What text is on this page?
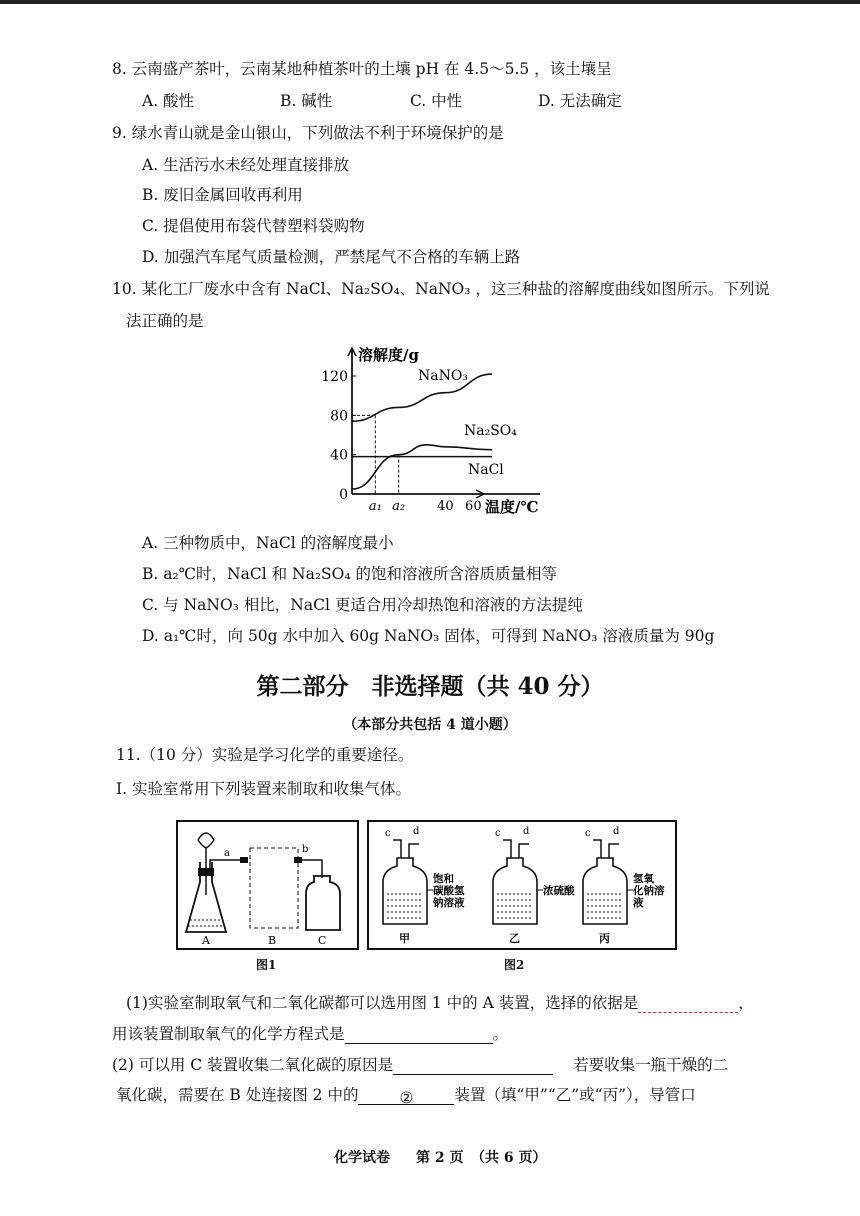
8. 云南盛产茶叶，云南某地种植茶叶的土壤 pH 在 4.5～5.5 ，该土壤呈
A. 酸性	B. 碱性	C. 中性	D. 无法确定
9. 绿水青山就是金山银山，下列做法不利于环境保护的是
A. 生活污水未经处理直接排放
B. 废旧金属回收再利用
C. 提倡使用布袋代替塑料袋购物
D. 加强汽车尾气质量检测，严禁尾气不合格的车辆上路
10. 某化工厂废水中含有 NaCl、Na₂SO₄、NaNO₃ ，这三种盐的溶解度曲线如图所示。下列说
法正确的是
溶解度/g
温度/℃
0
40
80
120
a₁ a₂ 40 60
NaNO₃
Na₂SO₄
NaCl
A. 三种物质中，NaCl 的溶解度最小
B. a₂℃时，NaCl 和 Na₂SO₄ 的饱和溶液所含溶质质量相等
C. 与 NaNO₃ 相比，NaCl 更适合用冷却热饱和溶液的方法提纯
D. a₁℃时，向 50g 水中加入 60g NaNO₃ 固体，可得到 NaNO₃ 溶液质量为 90g
第二部分　非选择题（共 40 分）
（本部分共包括 4 道小题）
11.（10 分）实验是学习化学的重要途径。
Ⅰ. 实验室常用下列装置来制取和收集气体。
a	b
A	B	C
图1
c d
甲
饱和
碳酸氢
钠溶液
c d
乙
浓硫酸
c d
丙
氢氧
化钠溶
液
图2
(1)实验室制取氧气和二氧化碳都可以选用图 1 中的 A 装置，选择的依据是	，
用该装置制取氧气的化学方程式是	。
(2) 可以用 C 装置收集二氧化碳的原因是	若要收集一瓶干燥的二
氧化碳，需要在 B 处连接图 2 中的	②	装置（填“甲”“乙”或“丙”），导管口
化学试卷 第 2 页 （共 6 页）
